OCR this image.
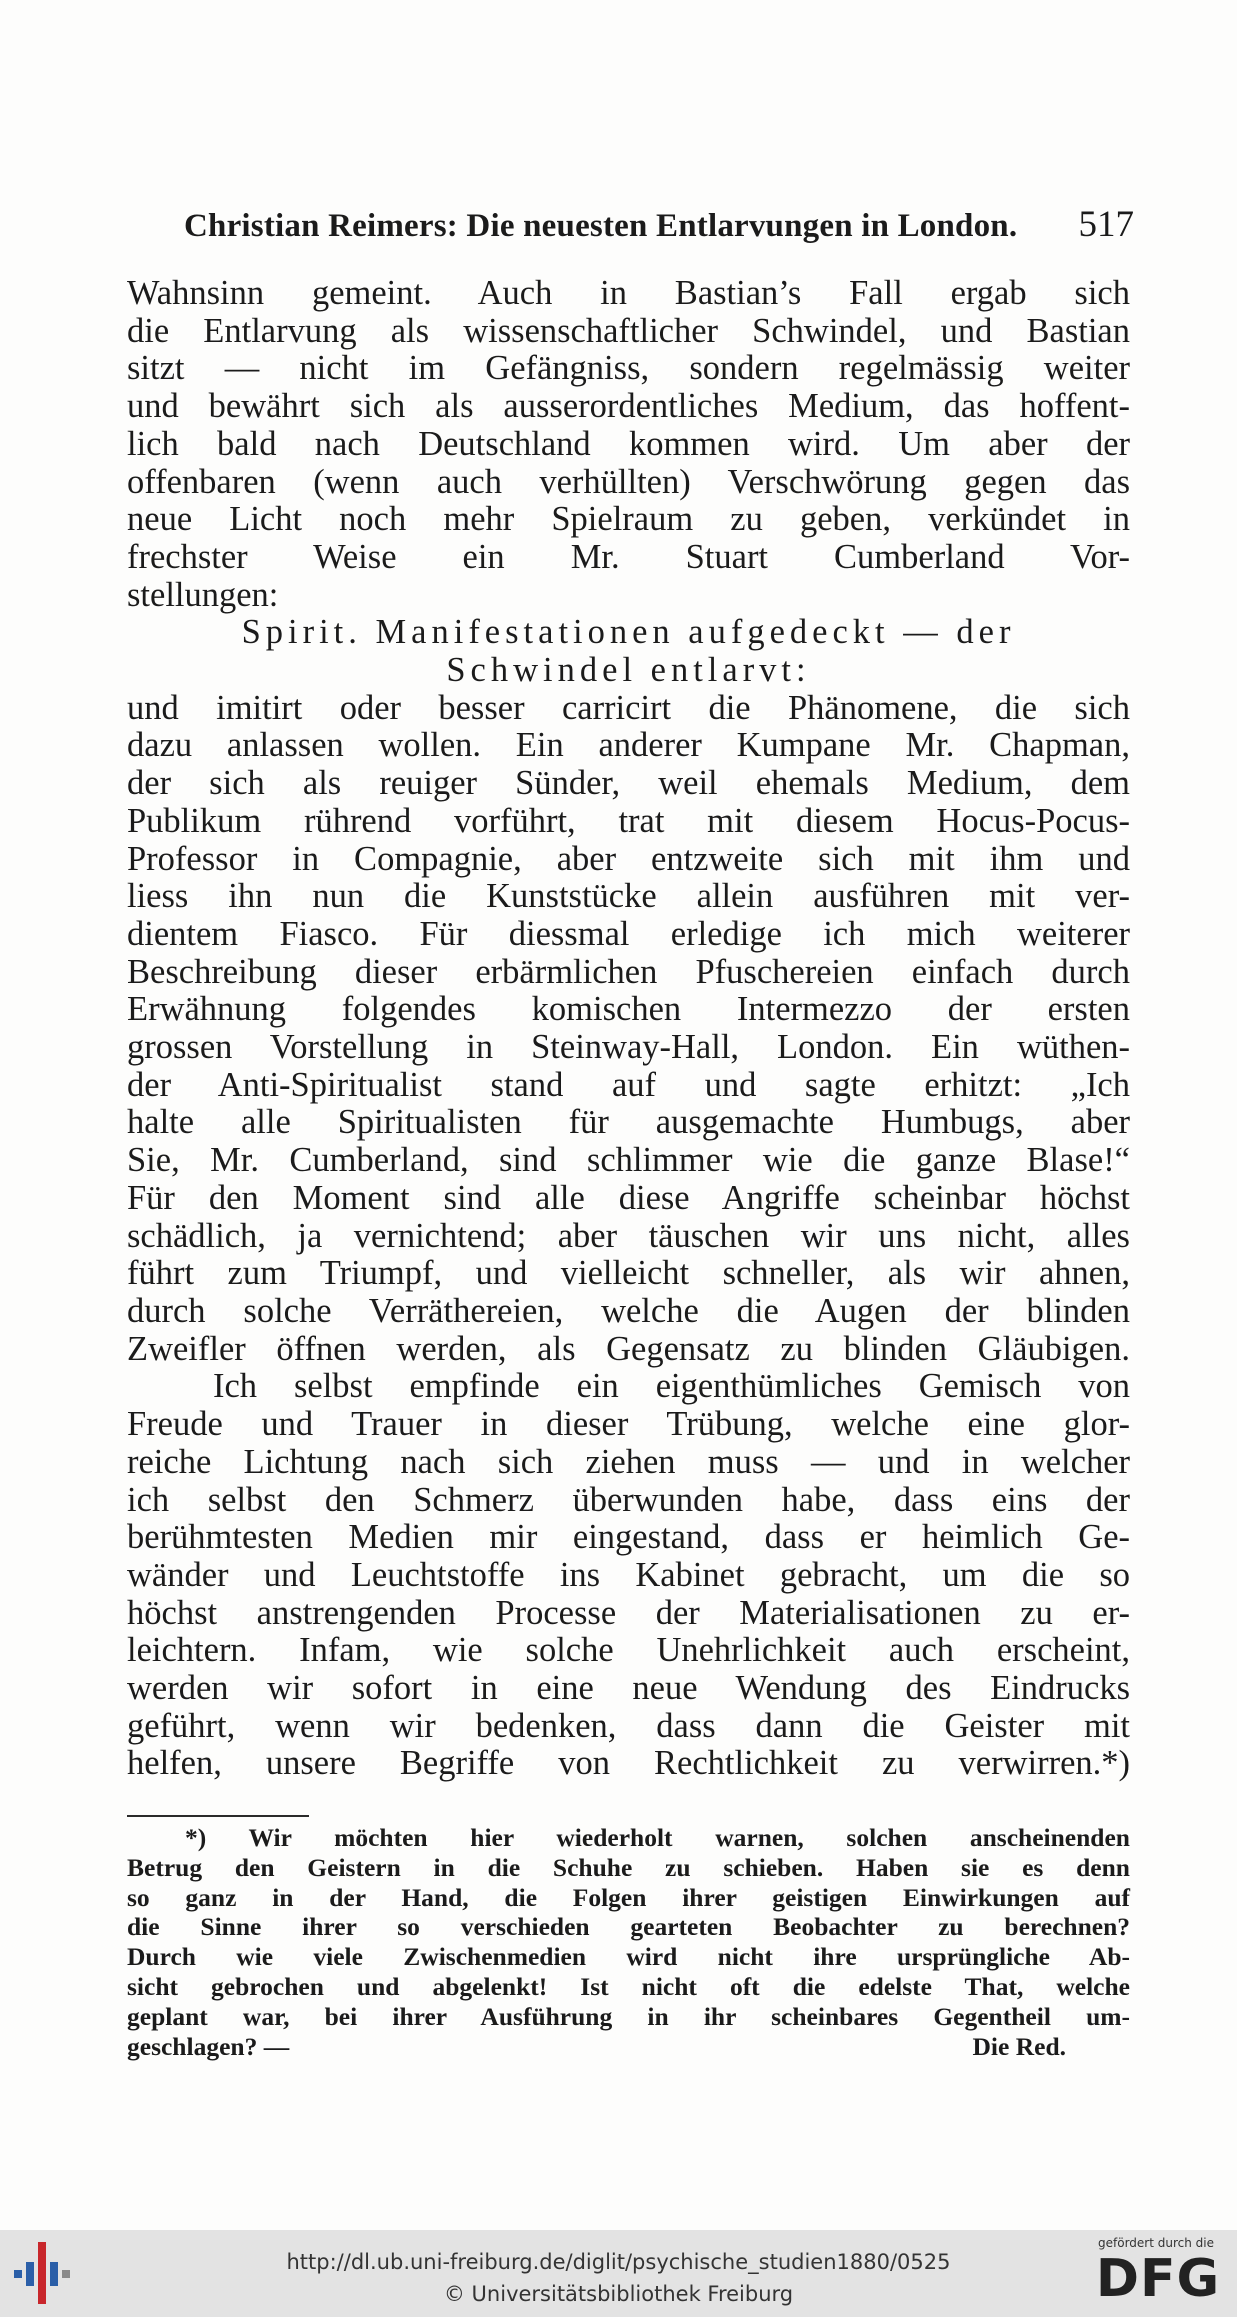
Christian Reimers: Die neuesten Entlarvungen in London. 517
Wahnsinn gemeint. Auch in Bastian’s Fall ergab sich
die Entlarvung als wissenschaftlicher Schwindel, und Bastian
sitzt — nicht im Gefängniss, sondern regelmässig weiter
und bewährt sich als ausserordentliches Medium, das hoffent-
lich bald nach Deutschland kommen wird. Um aber der
offenbaren (wenn auch verhüllten) Verschwörung gegen das
neue Licht noch mehr Spielraum zu geben, verkündet in
frechster Weise ein Mr. Stuart Cumberland Vor-
stellungen:
Spirit. Manifestationen aufgedeckt — der
Schwindel entlarvt:
und imitirt oder besser carricirt die Phänomene, die sich
dazu anlassen wollen. Ein anderer Kumpane Mr. Chapman,
der sich als reuiger Sünder, weil ehemals Medium, dem
Publikum rührend vorführt, trat mit diesem Hocus-Pocus-
Professor in Compagnie, aber entzweite sich mit ihm und
liess ihn nun die Kunststücke allein ausführen mit ver-
dientem Fiasco. Für diessmal erledige ich mich weiterer
Beschreibung dieser erbärmlichen Pfuschereien einfach durch
Erwähnung folgendes komischen Intermezzo der ersten
grossen Vorstellung in Steinway-Hall, London. Ein wüthen-
der Anti-Spiritualist stand auf und sagte erhitzt: „Ich
halte alle Spiritualisten für ausgemachte Humbugs, aber
Sie, Mr. Cumberland, sind schlimmer wie die ganze Blase!“
Für den Moment sind alle diese Angriffe scheinbar höchst
schädlich, ja vernichtend; aber täuschen wir uns nicht, alles
führt zum Triumpf, und vielleicht schneller, als wir ahnen,
durch solche Verräthereien, welche die Augen der blinden
Zweifler öffnen werden, als Gegensatz zu blinden Gläubigen.
Ich selbst empfinde ein eigenthümliches Gemisch von
Freude und Trauer in dieser Trübung, welche eine glor-
reiche Lichtung nach sich ziehen muss — und in welcher
ich selbst den Schmerz überwunden habe, dass eins der
berühmtesten Medien mir eingestand, dass er heimlich Ge-
wänder und Leuchtstoffe ins Kabinet gebracht, um die so
höchst anstrengenden Processe der Materialisationen zu er-
leichtern. Infam, wie solche Unehrlichkeit auch erscheint,
werden wir sofort in eine neue Wendung des Eindrucks
geführt, wenn wir bedenken, dass dann die Geister mit
helfen, unsere Begriffe von Rechtlichkeit zu verwirren.*)
*) Wir möchten hier wiederholt warnen, solchen anscheinenden
Betrug den Geistern in die Schuhe zu schieben. Haben sie es denn
so ganz in der Hand, die Folgen ihrer geistigen Einwirkungen auf
die Sinne ihrer so verschieden gearteten Beobachter zu berechnen?
Durch wie viele Zwischenmedien wird nicht ihre ursprüngliche Ab-
sicht gebrochen und abgelenkt! Ist nicht oft die edelste That, welche
geplant war, bei ihrer Ausführung in ihr scheinbares Gegentheil um-
geschlagen? —	Die Red.
http://dl.ub.uni-freiburg.de/diglit/psychische_studien1880/0525
© Universitätsbibliothek Freiburg
gefördert durch die
DFG
